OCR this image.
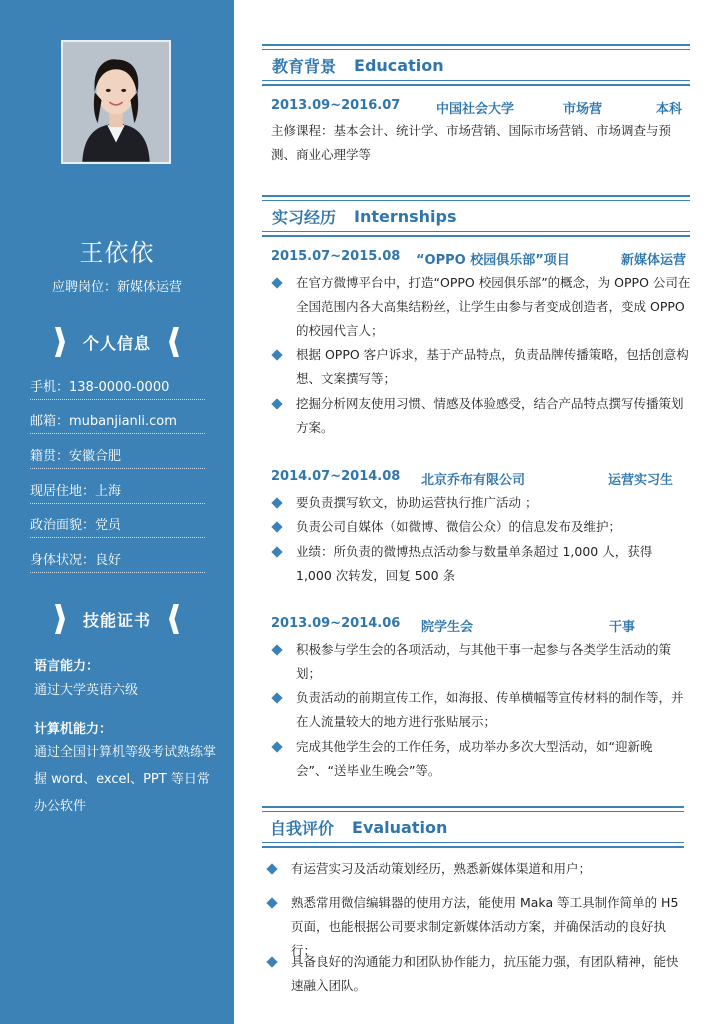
王依依
应聘岗位：新媒体运营
个人信息
手机：138-0000-0000
邮箱：mubanjianli.com
籍贯：安徽合肥
现居住地：上海
政治面貌：党员
身体状况：良好
技能证书
语言能力：
通过大学英语六级
计算机能力：
通过全国计算机等级考试熟练掌握 word、excel、PPT 等日常办公软件
教育背景 Education
2013.09~2016.07	中国社会大学	市场营	本科
主修课程：基本会计、统计学、市场营销、国际市场营销、市场调查与预测、商业心理学等
实习经历 Internships
2015.07~2015.08 “OPPO 校园俱乐部”项目	新媒体运营
在官方微博平台中，打造“OPPO 校园俱乐部”的概念，为 OPPO 公司在全国范围内各大高集结粉丝，让学生由参与者变成创造者，变成 OPPO 的校园代言人；
根据 OPPO 客户诉求，基于产品特点，负责品牌传播策略，包括创意构想、文案撰写等；
挖掘分析网友使用习惯、情感及体验感受，结合产品特点撰写传播策划方案。
2014.07~2014.08 北京乔布有限公司	运营实习生
要负责撰写软文，协助运营执行推广活动 ；
负责公司自媒体（如微博、微信公众）的信息发布及维护；
业绩：所负责的微博热点活动参与数量单条超过 1,000 人，获得 1,000 次转发，回复 500 条
2013.09~2014.06 院学生会	干事
积极参与学生会的各项活动，与其他干事一起参与各类学生活动的策划；
负责活动的前期宣传工作，如海报、传单横幅等宣传材料的制作等，并在人流量较大的地方进行张贴展示；
完成其他学生会的工作任务，成功举办多次大型活动，如“迎新晚会”、“送毕业生晚会”等。
自我评价 Evaluation
有运营实习及活动策划经历，熟悉新媒体渠道和用户；
熟悉常用微信编辑器的使用方法，能使用 Maka 等工具制作简单的 H5 页面，也能根据公司要求制定新媒体活动方案，并确保活动的良好执行；
具备良好的沟通能力和团队协作能力，抗压能力强，有团队精神，能快速融入团队。
